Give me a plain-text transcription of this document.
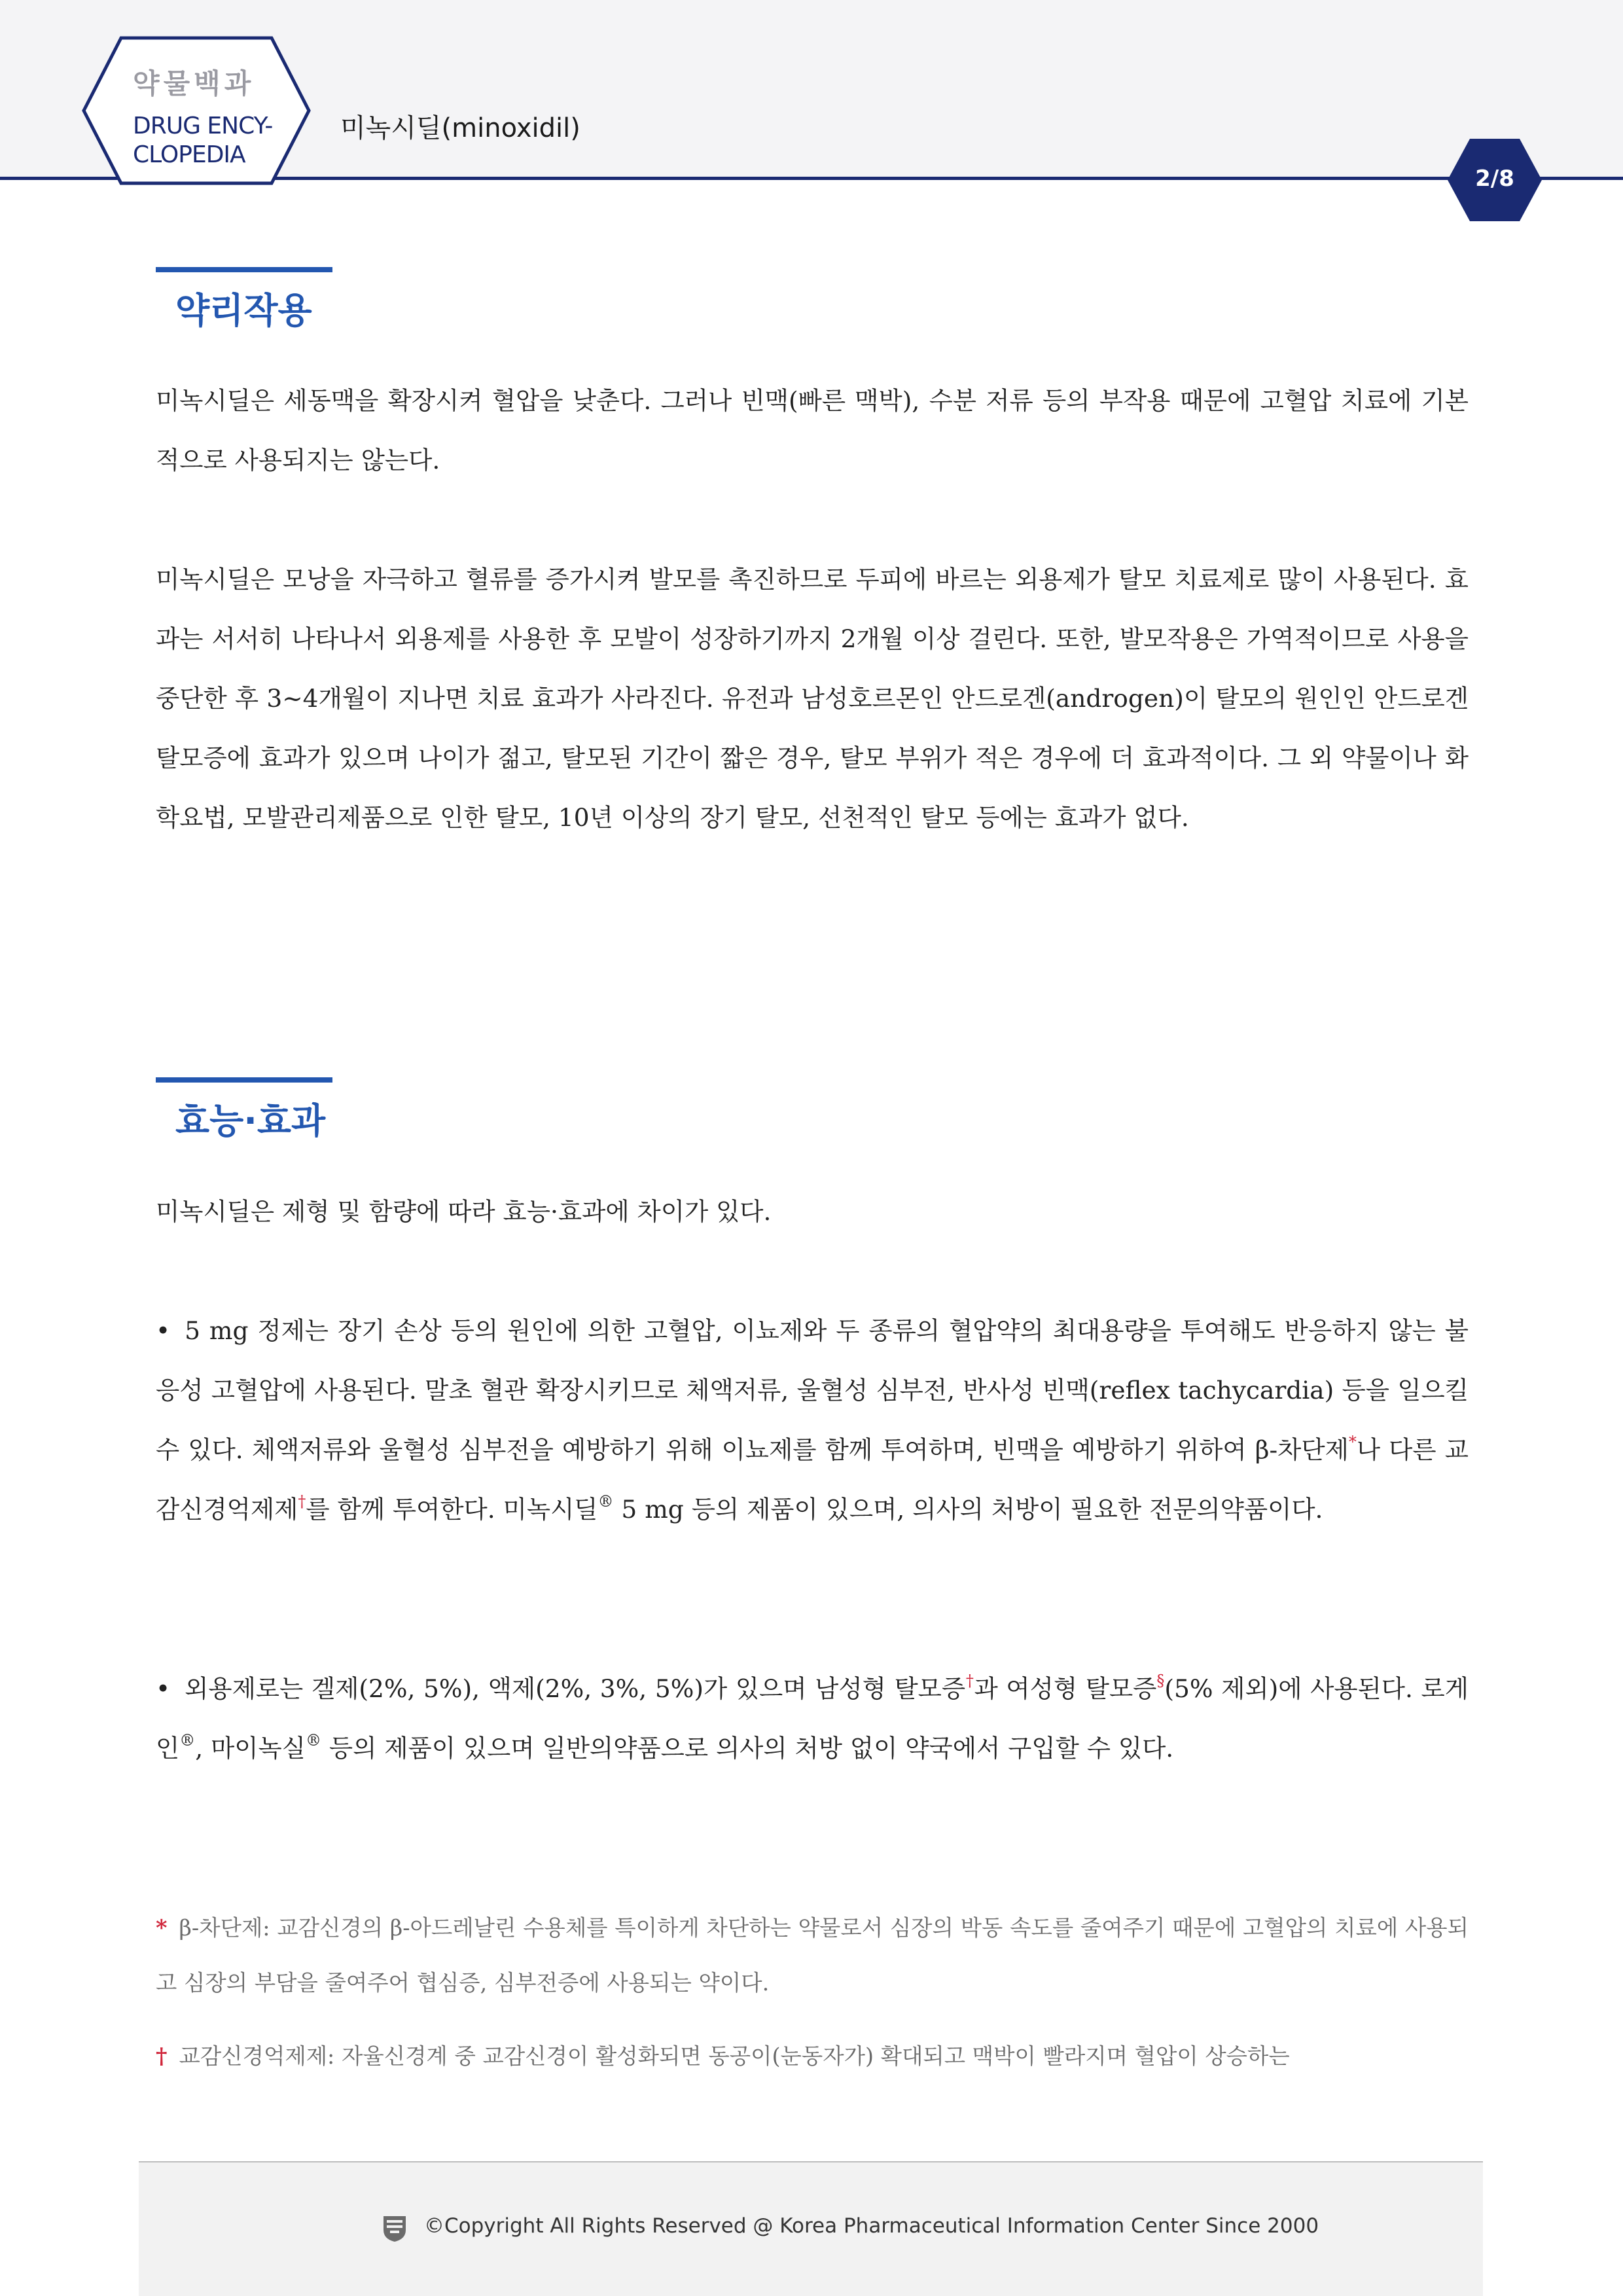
약물백과
DRUG ENCY-
CLOPEDIA
미녹시딜(minoxidil)
2/8
약리작용

미녹시딜은 세동맥을 확장시켜 혈압을 낮춘다. 그러나 빈맥(빠른 맥박), 수분 저류 등의 부작용 때문에 고혈압 치료에 기본적으로 사용되지는 않는다.

미녹시딜은 모낭을 자극하고 혈류를 증가시켜 발모를 촉진하므로 두피에 바르는 외용제가 탈모 치료제로 많이 사용된다. 효과는 서서히 나타나서 외용제를 사용한 후 모발이 성장하기까지 2개월 이상 걸린다. 또한, 발모작용은 가역적이므로 사용을 중단한 후 3~4개월이 지나면 치료 효과가 사라진다. 유전과 남성호르몬인 안드로겐(androgen)이 탈모의 원인인 안드로겐 탈모증에 효과가 있으며 나이가 젊고, 탈모된 기간이 짧은 경우, 탈모 부위가 적은 경우에 더 효과적이다. 그 외 약물이나 화학요법, 모발관리제품으로 인한 탈모, 10년 이상의 장기 탈모, 선천적인 탈모 등에는 효과가 없다.

효능·효과

미녹시딜은 제형 및 함량에 따라 효능·효과에 차이가 있다.

• 5 mg 정제는 장기 손상 등의 원인에 의한 고혈압, 이뇨제와 두 종류의 혈압약의 최대용량을 투여해도 반응하지 않는 불응성 고혈압에 사용된다. 말초 혈관 확장시키므로 체액저류, 울혈성 심부전, 반사성 빈맥(reflex tachycardia) 등을 일으킬 수 있다. 체액저류와 울혈성 심부전을 예방하기 위해 이뇨제를 함께 투여하며, 빈맥을 예방하기 위하여 β-차단제*나 다른 교감신경억제제†를 함께 투여한다. 미녹시딜® 5 mg 등의 제품이 있으며, 의사의 처방이 필요한 전문의약품이다.

• 외용제로는 겔제(2%, 5%), 액제(2%, 3%, 5%)가 있으며 남성형 탈모증†과 여성형 탈모증§(5% 제외)에 사용된다. 로게인®, 마이녹실® 등의 제품이 있으며 일반의약품으로 의사의 처방 없이 약국에서 구입할 수 있다.

* β-차단제: 교감신경의 β-아드레날린 수용체를 특이하게 차단하는 약물로서 심장의 박동 속도를 줄여주기 때문에 고혈압의 치료에 사용되고 심장의 부담을 줄여주어 협심증, 심부전증에 사용되는 약이다.

† 교감신경억제제: 자율신경계 중 교감신경이 활성화되면 동공이(눈동자가) 확대되고 맥박이 빨라지며 혈압이 상승하는

©Copyright All Rights Reserved @ Korea Pharmaceutical Information Center Since 2000
